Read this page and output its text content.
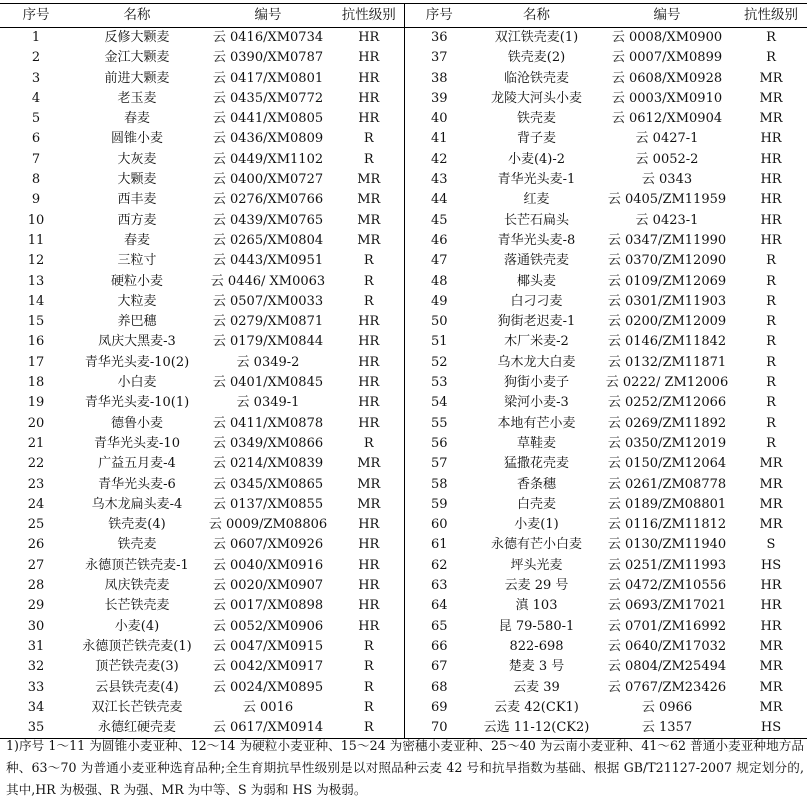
序号	名称	编号	抗性级别	序号	名称	编号	抗性级别
1	反修大颗麦	云 0416/XM0734	HR	36	双江铁壳麦(1)	云 0008/XM0900	R
2	金江大颗麦	云 0390/XM0787	HR	37	铁壳麦(2)	云 0007/XM0899	R
3	前进大颗麦	云 0417/XM0801	HR	38	临沧铁壳麦	云 0608/XM0928	MR
4	老玉麦	云 0435/XM0772	HR	39	龙陵大河头小麦	云 0003/XM0910	MR
5	春麦	云 0441/XM0805	HR	40	铁壳麦	云 0612/XM0904	MR
6	圆锥小麦	云 0436/XM0809	R	41	背子麦	云 0427-1	HR
7	大灰麦	云 0449/XM1102	R	42	小麦(4)-2	云 0052-2	HR
8	大颗麦	云 0400/XM0727	MR	43	青华光头麦-1	云 0343	HR
9	西丰麦	云 0276/XM0766	MR	44	红麦	云 0405/ZM11959	HR
10	西方麦	云 0439/XM0765	MR	45	长芒石扁头	云 0423-1	HR
11	春麦	云 0265/XM0804	MR	46	青华光头麦-8	云 0347/ZM11990	HR
12	三粒寸	云 0443/XM0951	R	47	落通铁壳麦	云 0370/ZM12090	R
13	硬粒小麦	云 0446/ XM0063	R	48	椰头麦	云 0109/ZM12069	R
14	大粒麦	云 0507/XM0033	R	49	白刁刁麦	云 0301/ZM11903	R
15	养巴穗	云 0279/XM0871	HR	50	狗街老迟麦-1	云 0200/ZM12009	R
16	凤庆大黑麦-3	云 0179/XM0844	HR	51	木厂米麦-2	云 0146/ZM11842	R
17	青华光头麦-10(2)	云 0349-2	HR	52	乌木龙大白麦	云 0132/ZM11871	R
18	小白麦	云 0401/XM0845	HR	53	狗街小麦子	云 0222/ ZM12006	R
19	青华光头麦-10(1)	云 0349-1	HR	54	梁河小麦-3	云 0252/ZM12066	R
20	德鲁小麦	云 0411/XM0878	HR	55	本地有芒小麦	云 0269/ZM11892	R
21	青华光头麦-10	云 0349/XM0866	R	56	草鞋麦	云 0350/ZM12019	R
22	广益五月麦-4	云 0214/XM0839	MR	57	猛撒花壳麦	云 0150/ZM12064	MR
23	青华光头麦-6	云 0345/XM0865	MR	58	香条穗	云 0261/ZM08778	MR
24	乌木龙扁头麦-4	云 0137/XM0855	MR	59	白壳麦	云 0189/ZM08801	MR
25	铁壳麦(4)	云 0009/ZM08806	HR	60	小麦(1)	云 0116/ZM11812	MR
26	铁壳麦	云 0607/XM0926	HR	61	永德有芒小白麦	云 0130/ZM11940	S
27	永德顶芒铁壳麦-1	云 0040/XM0916	HR	62	坪头光麦	云 0251/ZM11993	HS
28	凤庆铁壳麦	云 0020/XM0907	HR	63	云麦 29 号	云 0472/ZM10556	HR
29	长芒铁壳麦	云 0017/XM0898	HR	64	滇 103	云 0693/ZM17021	HR
30	小麦(4)	云 0052/XM0906	HR	65	昆 79-580-1	云 0701/ZM16992	HR
31	永德顶芒铁壳麦(1)	云 0047/XM0915	R	66	822-698	云 0640/ZM17032	MR
32	顶芒铁壳麦(3)	云 0042/XM0917	R	67	楚麦 3 号	云 0804/ZM25494	MR
33	云县铁壳麦(4)	云 0024/XM0895	R	68	云麦 39	云 0767/ZM23426	MR
34	双江长芒铁壳麦	云 0016	R	69	云麦 42(CK1)	云 0966	MR
35	永德红硬壳麦	云 0617/XM0914	R	70	云选 11-12(CK2)	云 1357	HS
1)序号 1～11 为圆锥小麦亚种、12～14 为硬粒小麦亚种、15～24 为密穗小麦亚种、25～40 为云南小麦亚种、41～62 普通小麦亚种地方品种、63～70 为普通小麦亚种选育品种;全生育期抗旱性级别是以对照品种云麦 42 号和抗旱指数为基础、根据 GB/T21127-2007 规定划分的,其中,HR 为极强、R 为强、MR 为中等、S 为弱和 HS 为极弱。
